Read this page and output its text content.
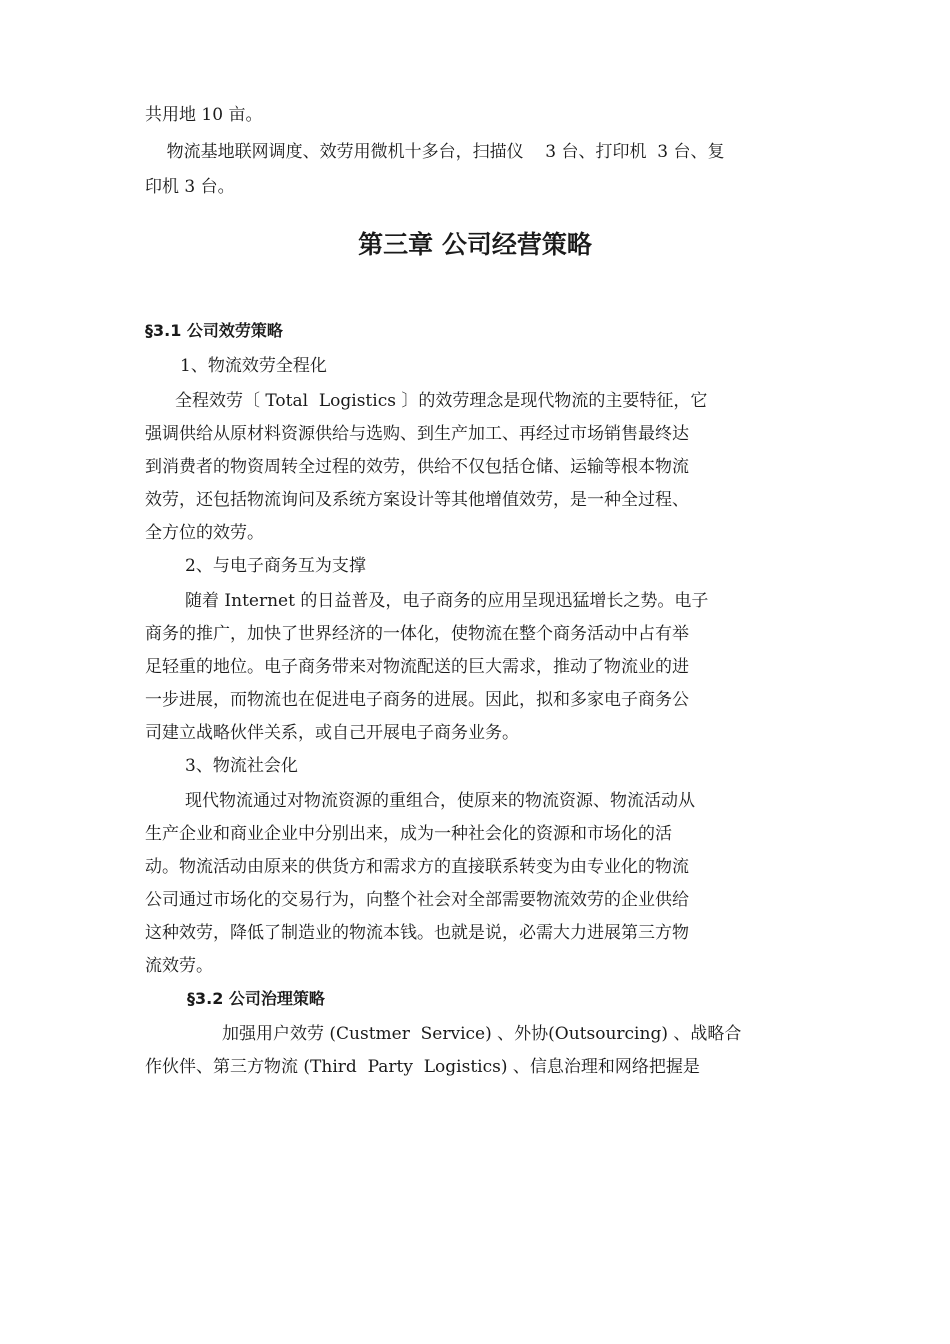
共用地 10 亩。
物流基地联网调度、效劳用微机十多台，扫描仪    3 台、打印机  3 台、复
印机 3 台。
第三章 公司经营策略
§3.1 公司效劳策略
1、物流效劳全程化
全程效劳〔 Total  Logistics 〕的效劳理念是现代物流的主要特征，它
强调供给从原材料资源供给与选购、到生产加工、再经过市场销售最终达
到消费者的物资周转全过程的效劳，供给不仅包括仓储、运输等根本物流
效劳，还包括物流询问及系统方案设计等其他增值效劳，是一种全过程、
全方位的效劳。
2、与电子商务互为支撑
随着 Internet 的日益普及，电子商务的应用呈现迅猛增长之势。电子
商务的推广，加快了世界经济的一体化，使物流在整个商务活动中占有举
足轻重的地位。电子商务带来对物流配送的巨大需求，推动了物流业的进
一步进展，而物流也在促进电子商务的进展。因此，拟和多家电子商务公
司建立战略伙伴关系，或自己开展电子商务业务。
3、物流社会化
现代物流通过对物流资源的重组合，使原来的物流资源、物流活动从
生产企业和商业企业中分别出来，成为一种社会化的资源和市场化的活
动。物流活动由原来的供货方和需求方的直接联系转变为由专业化的物流
公司通过市场化的交易行为，向整个社会对全部需要物流效劳的企业供给
这种效劳，降低了制造业的物流本钱。也就是说，必需大力进展第三方物
流效劳。
§3.2 公司治理策略
加强用户效劳 (Custmer  Service) 、外协(Outsourcing) 、战略合
作伙伴、第三方物流 (Third  Party  Logistics) 、信息治理和网络把握是
